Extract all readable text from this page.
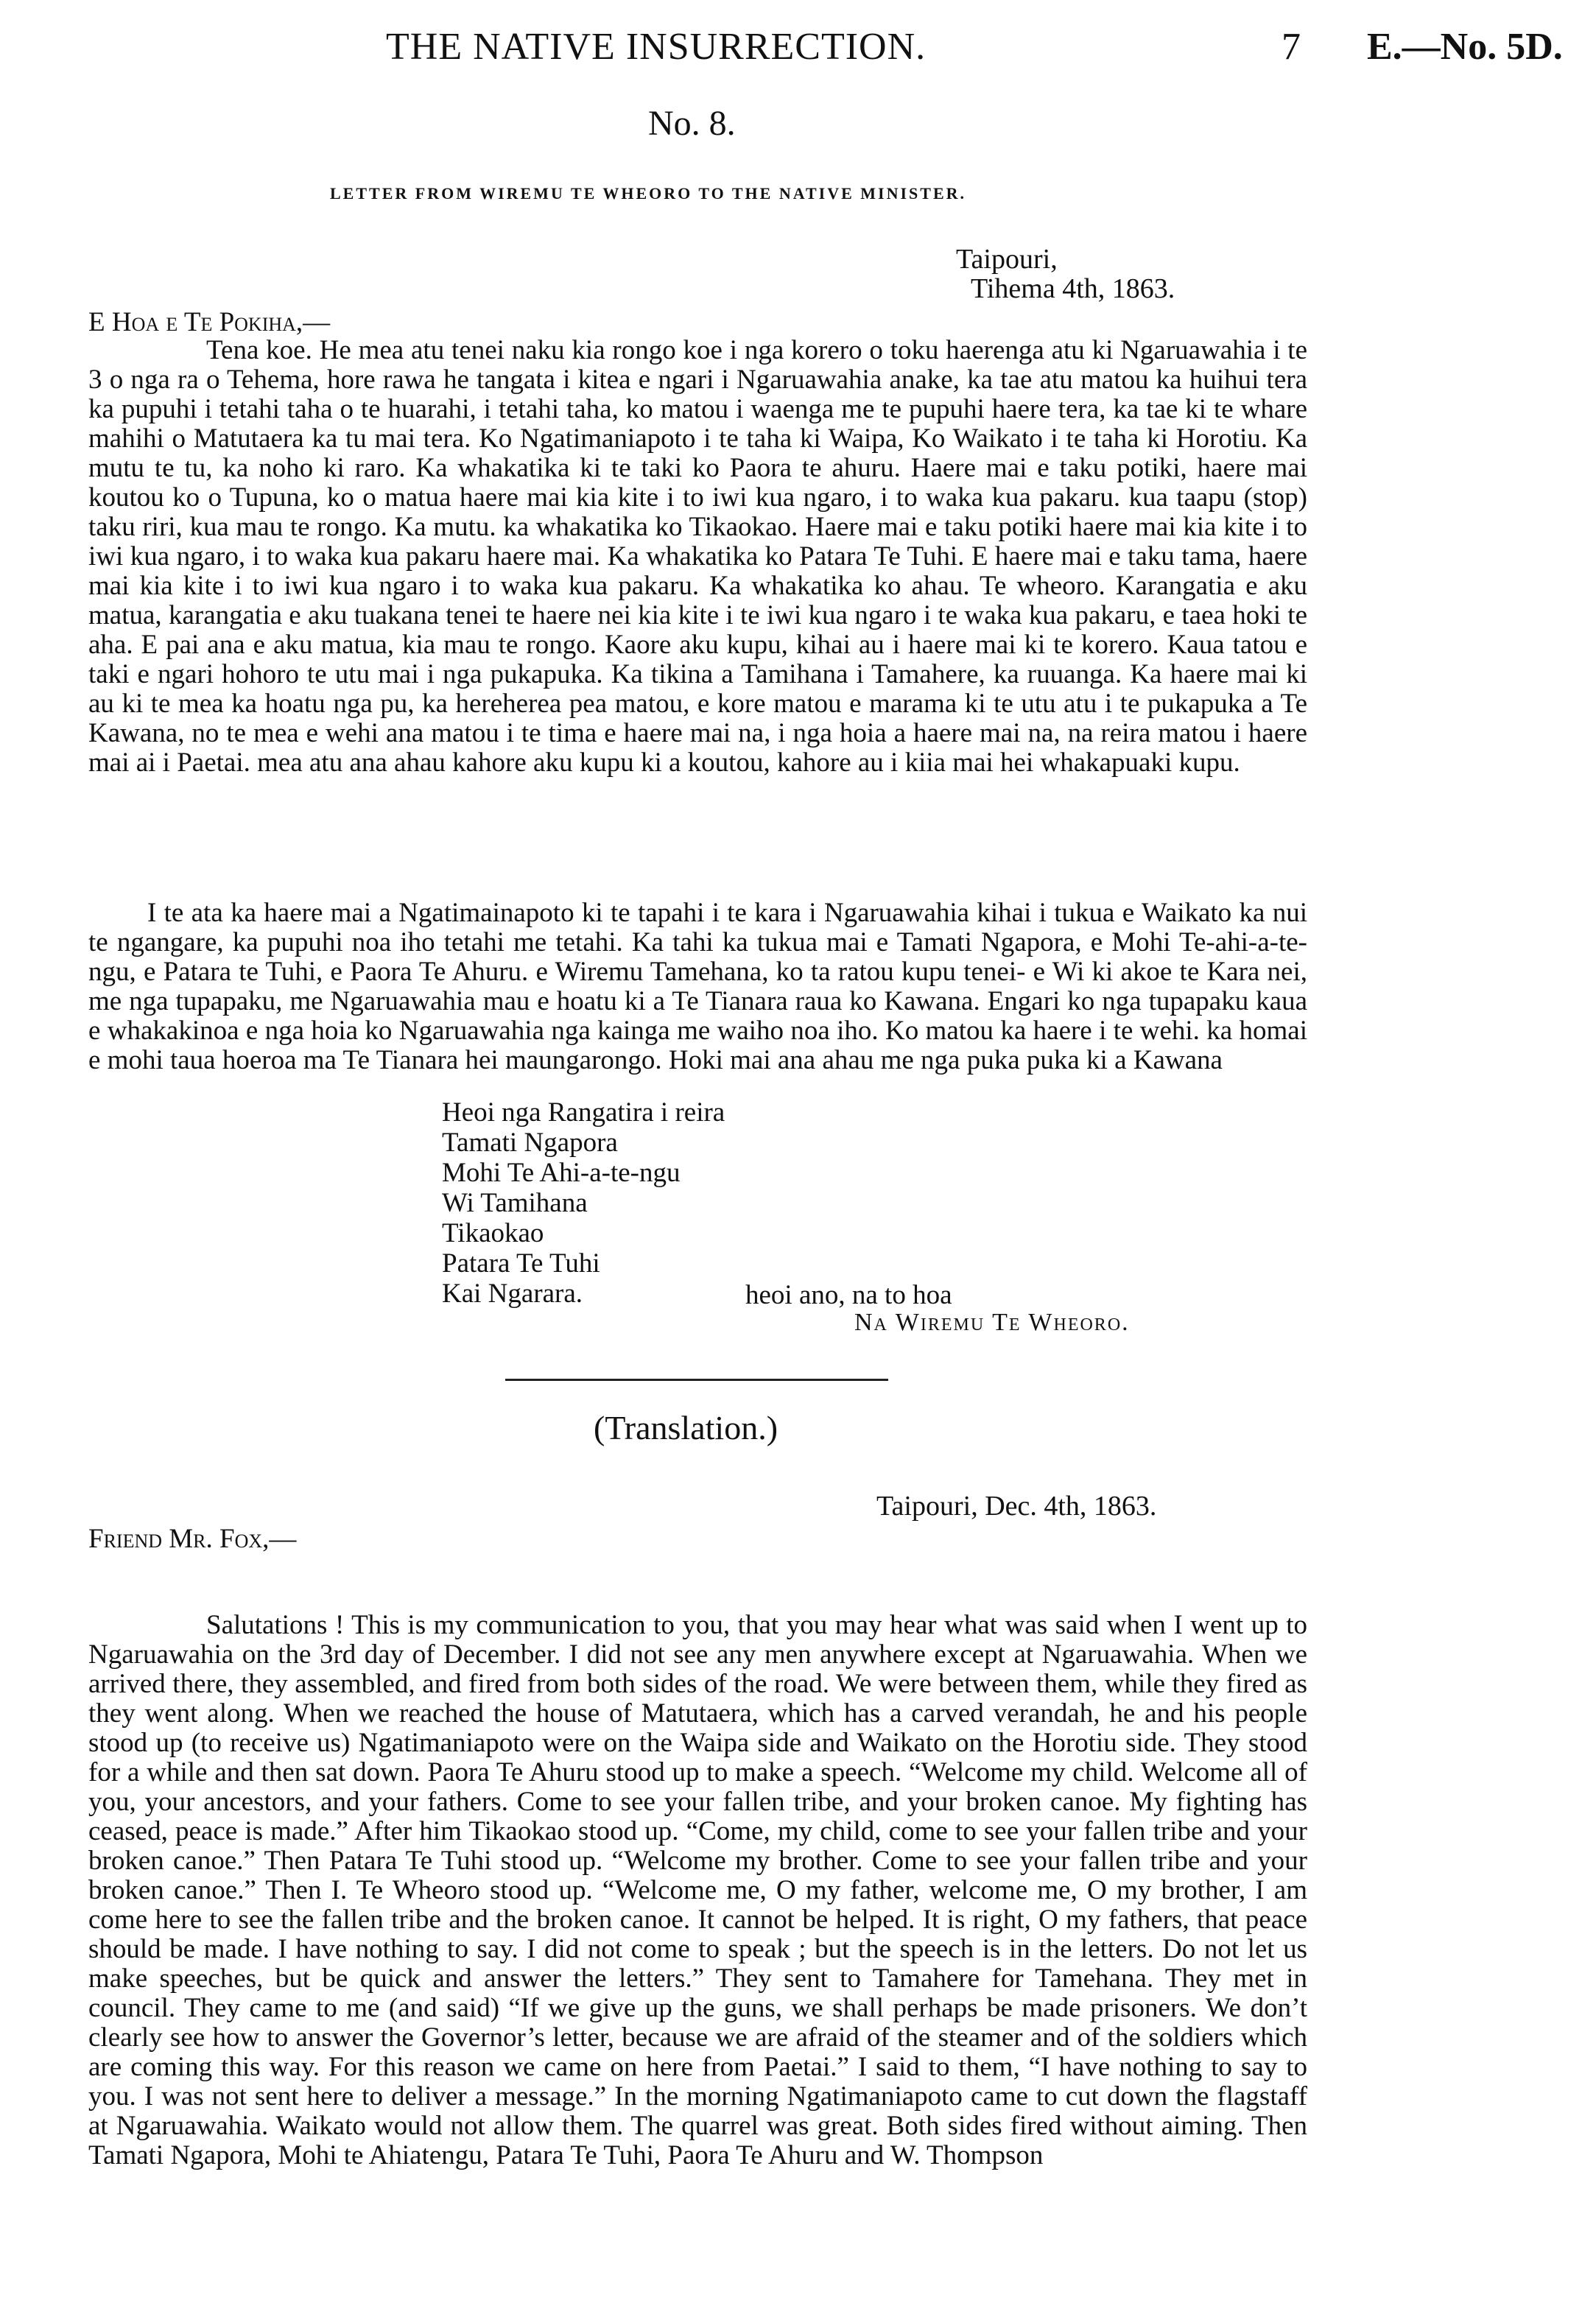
THE NATIVE INSURRECTION.	7 E.—No. 5D.
No. 8.
LETTER FROM WIREMU TE WHEORO TO THE NATIVE MINISTER.
Taipouri,
Tihema 4th, 1863.
E Hoa e Te Pokiha,—

Tena koe. He mea atu tenei naku kia rongo koe i nga korero o toku haerenga atu ki Ngaruawahia i te 3 o nga ra o Tehema, hore rawa he tangata i kitea e ngari i Ngaruawahia anake, ka tae atu matou ka huihui tera ka pupuhi i tetahi taha o te huarahi, i tetahi taha, ko matou i waenga me te pupuhi haere tera, ka tae ki te whare mahihi o Matutaera ka tu mai tera. Ko Ngatimaniapoto i te taha ki Waipa, Ko Waikato i te taha ki Horotiu. Ka mutu te tu, ka noho ki raro. Ka whakatika ki te taki ko Paora te ahuru. Haere mai e taku potiki, haere mai koutou ko o Tupuna, ko o matua haere mai kia kite i to iwi kua ngaro, i to waka kua pakaru. kua taapu (stop) taku riri, kua mau te rongo. Ka mutu. ka whakatika ko Tikaokao. Haere mai e taku potiki haere mai kia kite i to iwi kua ngaro, i to waka kua pakaru haere mai. Ka whakatika ko Patara Te Tuhi. E haere mai e taku tama, haere mai kia kite i to iwi kua ngaro i to waka kua pakaru. Ka whakatika ko ahau. Te wheoro. Karangatia e aku matua, karangatia e aku tuakana tenei te haere nei kia kite i te iwi kua ngaro i te waka kua pakaru, e taea hoki te aha. E pai ana e aku matua, kia mau te rongo. Kaore aku kupu, kihai au i haere mai ki te korero. Kaua tatou e taki e ngari hohoro te utu mai i nga pukapuka. Ka tikina a Tamihana i Tamahere, ka ruuanga. Ka haere mai ki au ki te mea ka hoatu nga pu, ka hereherea pea matou, e kore matou e marama ki te utu atu i te pukapuka a Te Kawana, no te mea e wehi ana matou i te tima e haere mai na, i nga hoia a haere mai na, na reira matou i haere mai ai i Paetai. mea atu ana ahau kahore aku kupu ki a koutou, kahore au i kiia mai hei whakapuaki kupu.

I te ata ka haere mai a Ngatimainapoto ki te tapahi i te kara i Ngaruawahia kihai i tukua e Waikato ka nui te ngangare, ka pupuhi noa iho tetahi me tetahi. Ka tahi ka tukua mai e Tamati Ngapora, e Mohi Te-ahi-a-te-ngu, e Patara te Tuhi, e Paora Te Ahuru. e Wiremu Tamehana, ko ta ratou kupu tenei- e Wi ki akoe te Kara nei, me nga tupapaku, me Ngaruawahia mau e hoatu ki a Te Tianara raua ko Kawana. Engari ko nga tupapaku kaua e whakakinoa e nga hoia ko Ngaruawahia nga kainga me waiho noa iho. Ko matou ka haere i te wehi. ka homai e mohi taua hoeroa ma Te Tianara hei maungarongo. Hoki mai ana ahau me nga puka puka ki a Kawana

Heoi nga Rangatira i reira
Tamati Ngapora
Mohi Te Ahi-a-te-ngu
Wi Tamihana
Tikaokao
Patara Te Tuhi
Kai Ngarara.	heoi ano, na to hoa
Na Wiremu Te Wheoro.
(Translation.)
Taipouri, Dec. 4th, 1863.
Friend Mr. Fox,—

Salutations ! This is my communication to you, that you may hear what was said when I went up to Ngaruawahia on the 3rd day of December. I did not see any men anywhere except at Ngaruawahia. When we arrived there, they assembled, and fired from both sides of the road. We were between them, while they fired as they went along. When we reached the house of Matutaera, which has a carved verandah, he and his people stood up (to receive us) Ngatimaniapoto were on the Waipa side and Waikato on the Horotiu side. They stood for a while and then sat down. Paora Te Ahuru stood up to make a speech. “Welcome my child. Welcome all of you, your ancestors, and your fathers. Come to see your fallen tribe, and your broken canoe. My fighting has ceased, peace is made.” After him Tikaokao stood up. “Come, my child, come to see your fallen tribe and your broken canoe.” Then Patara Te Tuhi stood up. “Welcome my brother. Come to see your fallen tribe and your broken canoe.” Then I. Te Wheoro stood up. “Welcome me, O my father, welcome me, O my brother, I am come here to see the fallen tribe and the broken canoe. It cannot be helped. It is right, O my fathers, that peace should be made. I have nothing to say. I did not come to speak ; but the speech is in the letters. Do not let us make speeches, but be quick and answer the letters.” They sent to Tamahere for Tamehana. They met in council. They came to me (and said) “If we give up the guns, we shall perhaps be made prisoners. We don’t clearly see how to answer the Governor’s letter, because we are afraid of the steamer and of the soldiers which are coming this way. For this reason we came on here from Paetai.” I said to them, “I have nothing to say to you. I was not sent here to deliver a message.” In the morning Ngatimaniapoto came to cut down the flagstaff at Ngaruawahia. Waikato would not allow them. The quarrel was great. Both sides fired without aiming. Then Tamati Ngapora, Mohi te Ahiatengu, Patara Te Tuhi, Paora Te Ahuru and W. Thompson
